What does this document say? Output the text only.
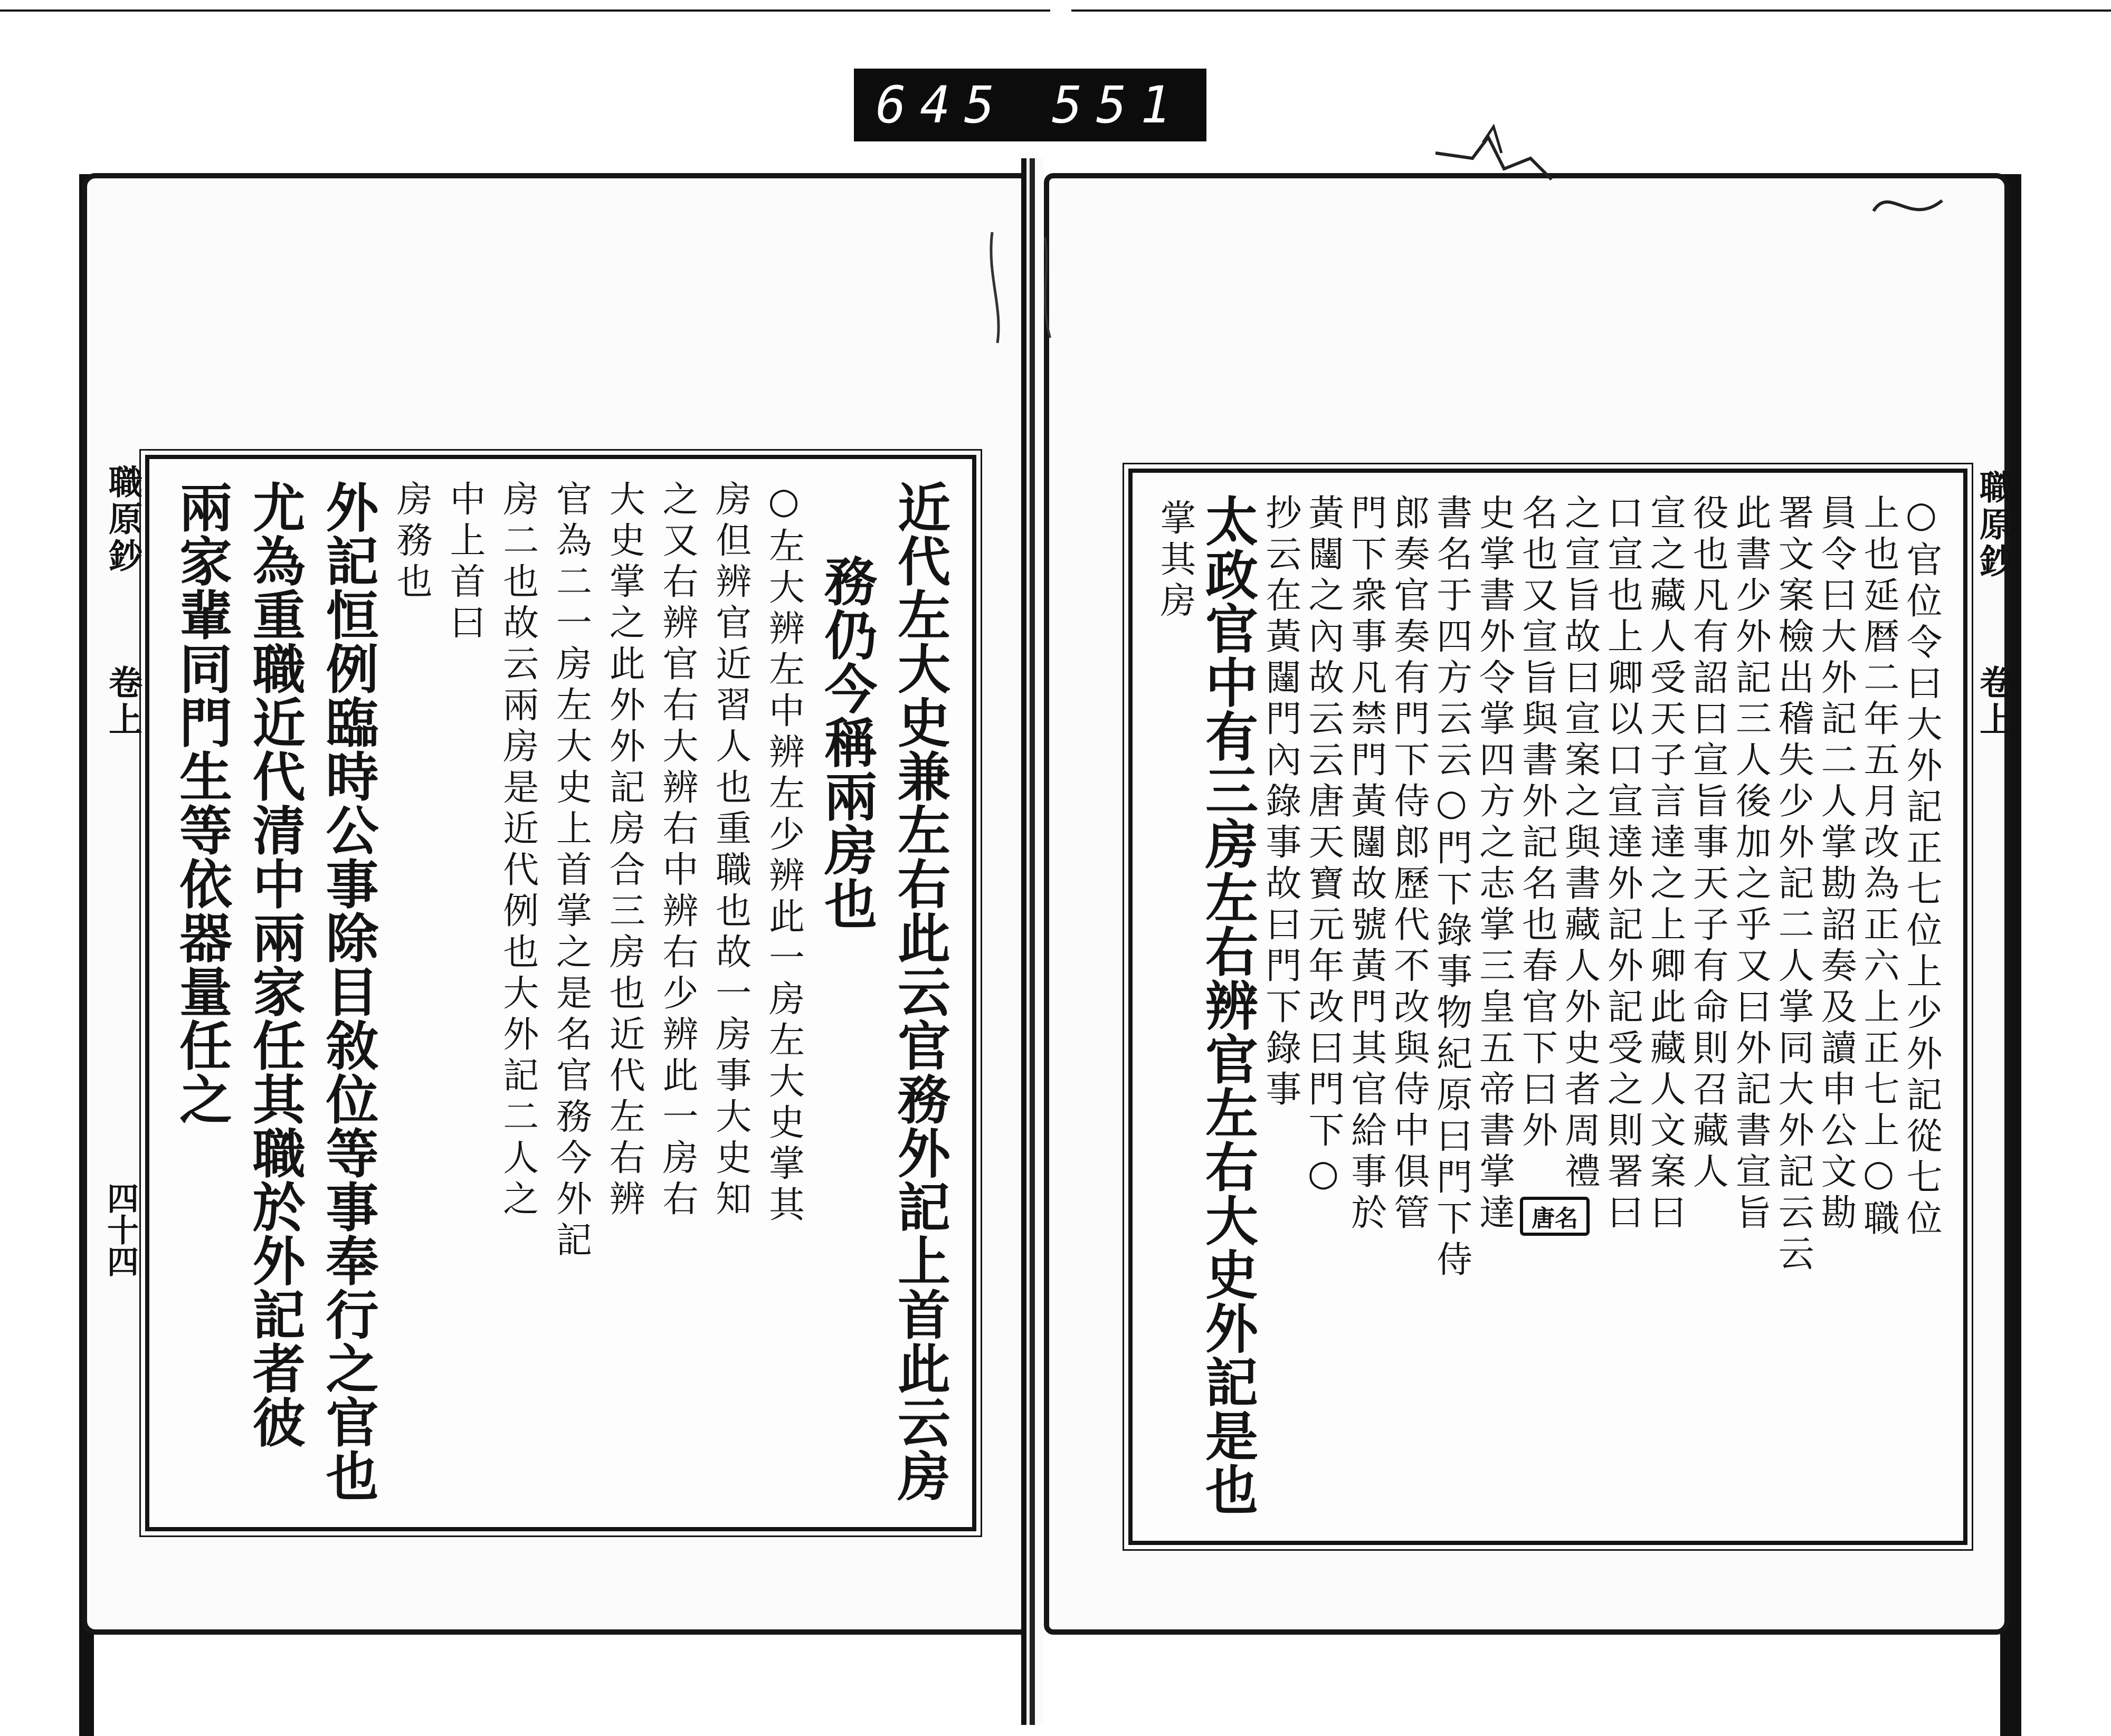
645 551
職原鈔
卷上
四十四
職原鈔
卷上
近代左大史兼左右此云官務外記上首此云房
務仍今稱兩房也
○左大辨左中辨左少辨此一房左大史掌其
房但辨官近習人也重職也故一房事大史知
之又右辨官右大辨右中辨右少辨此一房右
大史掌之此外外記房合三房也近代左右辨
官為二一房左大史上首掌之是名官務今外記
房二也故云兩房是近代例也大外記二人之
中上首曰
房務也
外記恒例臨時公事除目敘位等事奉行之官也
尤為重職近代清中兩家任其職於外記者彼
兩家輩同門生等依器量任之	○官位令曰大外記正七位上少外記從七位
上也延暦二年五月改為正六上正七上○職
員令曰大外記二人掌勘詔奏及讀申公文勘
署文案檢出稽失少外記二人掌同大外記云云
此書少外記三人後加之乎又曰外記書宣旨
役也凡有詔曰宣旨事天子有命則召藏人
宣之藏人受天子言達之上卿此藏人文案曰
口宣也上卿以口宣達外記外記受之則署曰
之宣旨故曰宣案之與書藏人外史者周禮
名也又宣旨與書外記名也春官下曰外
史掌書外令掌四方之志掌三皇五帝書掌達
書名于四方云云○門下錄事物紀原曰門下侍
郎奏官奏有門下侍郎歷代不改與侍中俱管
門下衆事凡禁門黃闥故號黃門其官給事於
黃闥之內故云云唐天寶元年改曰門下○
抄云在黃闥門內錄事故曰門下錄事
太政官中有三房左右辨官左右大史外記是也
掌其房
唐名
